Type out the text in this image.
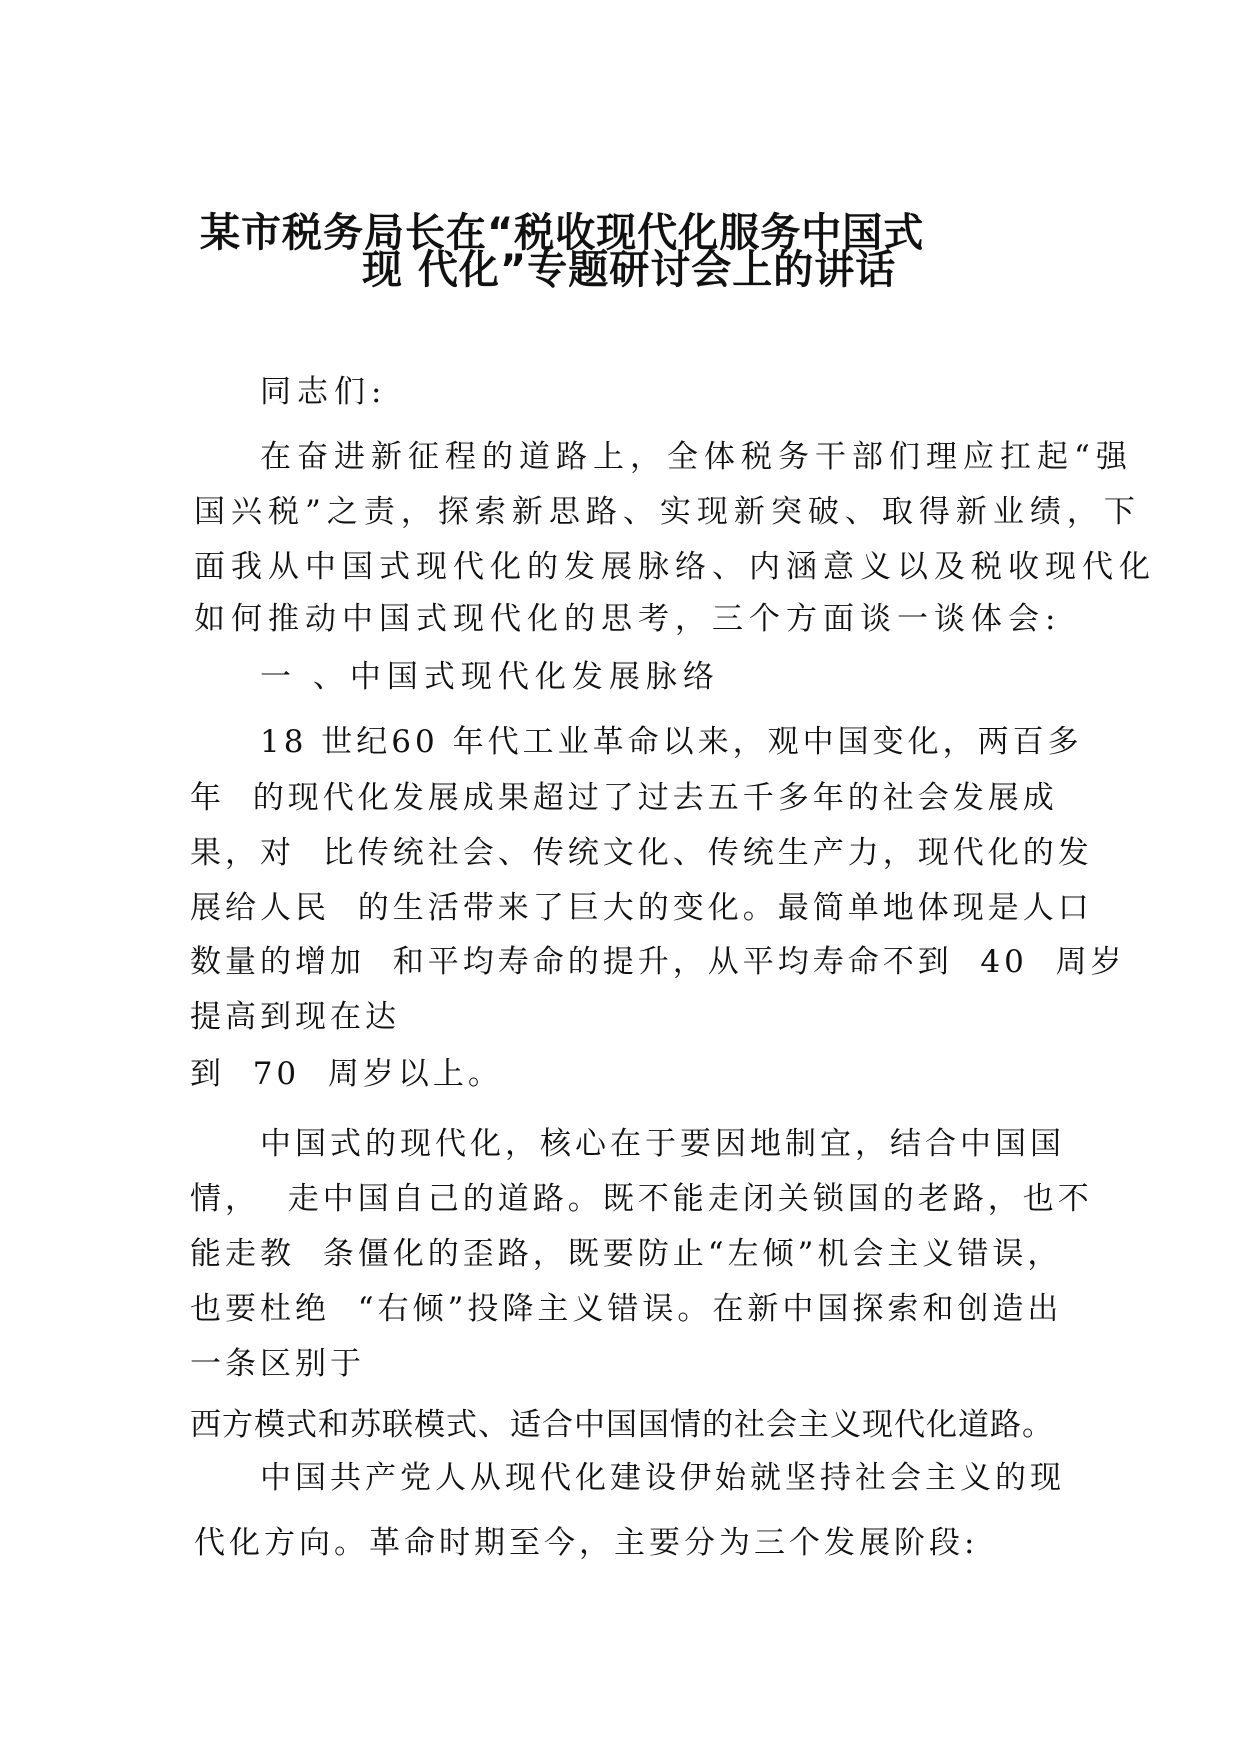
某市税务局长在“税收现代化服务中国式
现 代化”专题研讨会上的讲话
同志们:
在奋进新征程的道路上，全体税务干部们理应扛起“强
国兴税”之责，探索新思路、实现新突破、取得新业绩，下
面我从中国式现代化的发展脉络、内涵意义以及税收现代化
如何推动中国式现代化的思考，三个方面谈一谈体会:
一 、中国式现代化发展脉络
18 世纪60 年代工业革命以来，观中国变化，两百多
年  的现代化发展成果超过了过去五千多年的社会发展成
果，对  比传统社会、传统文化、传统生产力，现代化的发
展给人民  的生活带来了巨大的变化。最简单地体现是人口
数量的增加  和平均寿命的提升，从平均寿命不到  40  周岁
提高到现在达
到  70  周岁以上。
中国式的现代化，核心在于要因地制宜，结合中国国
情，  走中国自己的道路。既不能走闭关锁国的老路，也不
能走教  条僵化的歪路，既要防止“左倾”机会主义错误，
也要杜绝  “右倾”投降主义错误。在新中国探索和创造出
一条区别于
西方模式和苏联模式、适合中国国情的社会主义现代化道路。
中国共产党人从现代化建设伊始就坚持社会主义的现
代化方向。革命时期至今，主要分为三个发展阶段:
